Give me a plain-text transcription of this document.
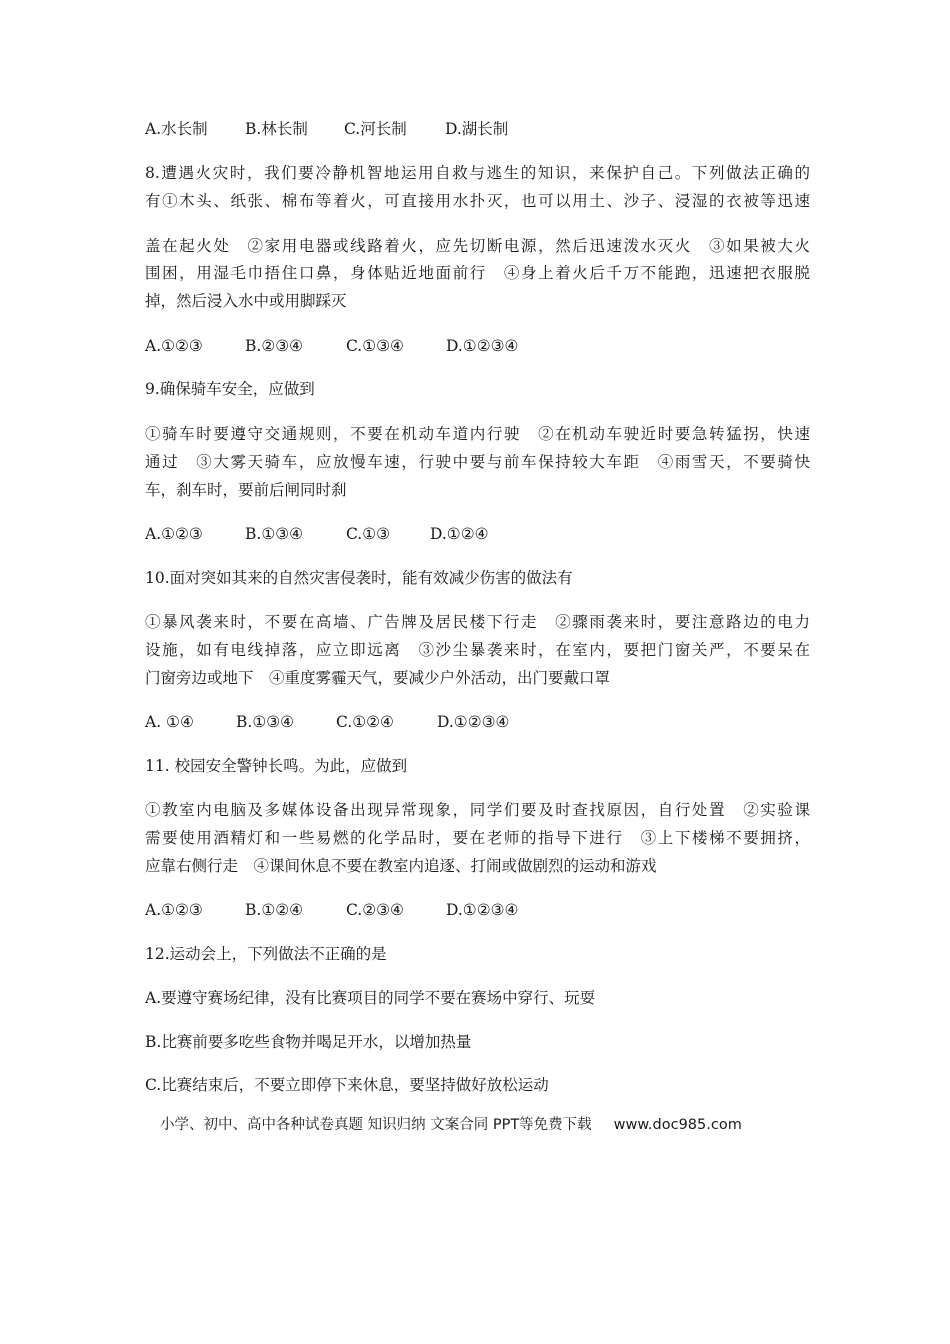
A.水长制 B.林长制 C.河长制 D.湖长制
8.遭遇火灾时，我们要冷静机智地运用自救与逃生的知识，来保护自己。下列做法正确的
有①木头、纸张、棉布等着火，可直接用水扑灭，也可以用土、沙子、浸湿的衣被等迅速
盖在起火处　②家用电器或线路着火，应先切断电源，然后迅速泼水灭火　③如果被大火
围困，用湿毛巾捂住口鼻，身体贴近地面前行　④身上着火后千万不能跑，迅速把衣服脱
掉，然后浸入水中或用脚踩灭
A.①②③	B.②③④	C.①③④	D.①②③④
9.确保骑车安全，应做到
①骑车时要遵守交通规则，不要在机动车道内行驶　②在机动车驶近时要急转猛拐，快速
通过　③大雾天骑车，应放慢车速，行驶中要与前车保持较大车距　④雨雪天，不要骑快
车，刹车时，要前后闸同时刹
A.①②③	B.①③④	C.①③	D.①②④
10.面对突如其来的自然灾害侵袭时，能有效减少伤害的做法有
①暴风袭来时，不要在高墙、广告牌及居民楼下行走　②骤雨袭来时，要注意路边的电力
设施，如有电线掉落，应立即远离　③沙尘暴袭来时，在室内，要把门窗关严，不要呆在
门窗旁边或地下　④重度雾霾天气，要减少户外活动，出门要戴口罩
A. ①④	B.①③④	C.①②④	D.①②③④
11. 校园安全警钟长鸣。为此，应做到
①教室内电脑及多媒体设备出现异常现象，同学们要及时查找原因，自行处置　②实验课
需要使用酒精灯和一些易燃的化学品时，要在老师的指导下进行　③上下楼梯不要拥挤，
应靠右侧行走　④课间休息不要在教室内追逐、打闹或做剧烈的运动和游戏
A.①②③	B.①②④	C.②③④	D.①②③④
12.运动会上，下列做法不正确的是
A.要遵守赛场纪律，没有比赛项目的同学不要在赛场中穿行、玩耍
B.比赛前要多吃些食物并喝足开水，以增加热量
C.比赛结束后，不要立即停下来休息，要坚持做好放松运动
小学、初中、高中各种试卷真题 知识归纳 文案合同 PPT等免费下载 www.doc985.com
